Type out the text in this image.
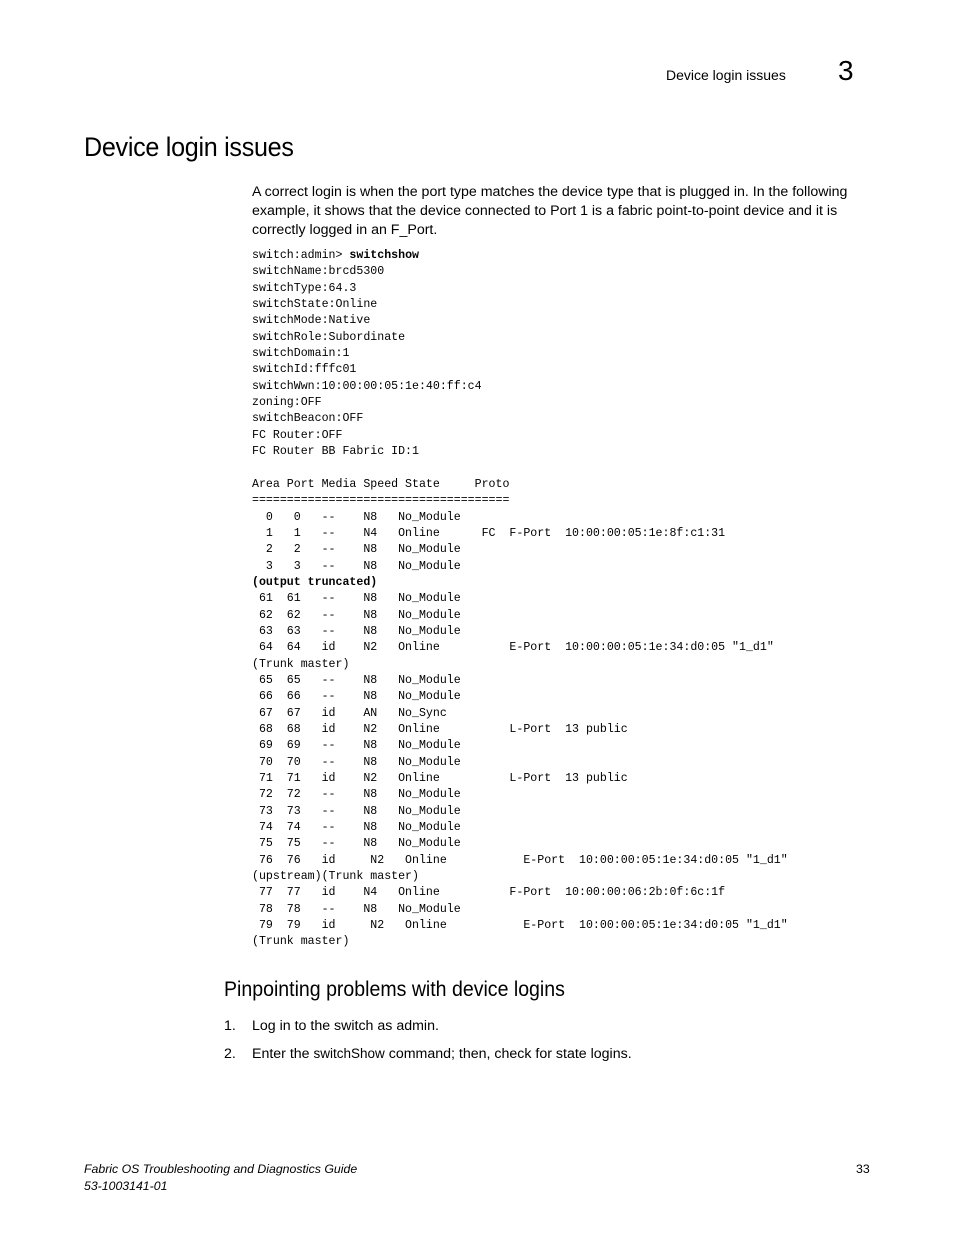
Device login issues 3
Device login issues
A correct login is when the port type matches the device type that is plugged in. In the following example, it shows that the device connected to Port 1 is a fabric point-to-point device and it is correctly logged in an F_Port.
switch:admin> switchshow
switchName:brcd5300
switchType:64.3
switchState:Online
switchMode:Native
switchRole:Subordinate
switchDomain:1
switchId:fffc01
switchWwn:10:00:00:05:1e:40:ff:c4
zoning:OFF
switchBeacon:OFF
FC Router:OFF
FC Router BB Fabric ID:1

Area Port Media Speed State     Proto
=====================================
0   0   --    N8   No_Module
1   1   --    N4   Online      FC  F-Port  10:00:00:05:1e:8f:c1:31
2   2   --    N8   No_Module
3   3   --    N8   No_Module
(output truncated)
61  61   --    N8   No_Module
62  62   --    N8   No_Module
63  63   --    N8   No_Module
64  64   id    N2   Online          E-Port  10:00:00:05:1e:34:d0:05 "1_d1"
(Trunk master)
65  65   --    N8   No_Module
66  66   --    N8   No_Module
67  67   id    AN   No_Sync
68  68   id    N2   Online          L-Port  13 public
69  69   --    N8   No_Module
70  70   --    N8   No_Module
71  71   id    N2   Online          L-Port  13 public
72  72   --    N8   No_Module
73  73   --    N8   No_Module
74  74   --    N8   No_Module
75  75   --    N8   No_Module
76  76   id     N2   Online           E-Port  10:00:00:05:1e:34:d0:05 "1_d1"
(upstream)(Trunk master)
77  77   id    N4   Online          F-Port  10:00:00:06:2b:0f:6c:1f
78  78   --    N8   No_Module
79  79   id     N2   Online           E-Port  10:00:00:05:1e:34:d0:05 "1_d1"
(Trunk master)
Pinpointing problems with device logins
1. Log in to the switch as admin.
2. Enter the switchShow command; then, check for state logins.
Fabric OS Troubleshooting and Diagnostics Guide
53-1003141-01
33
